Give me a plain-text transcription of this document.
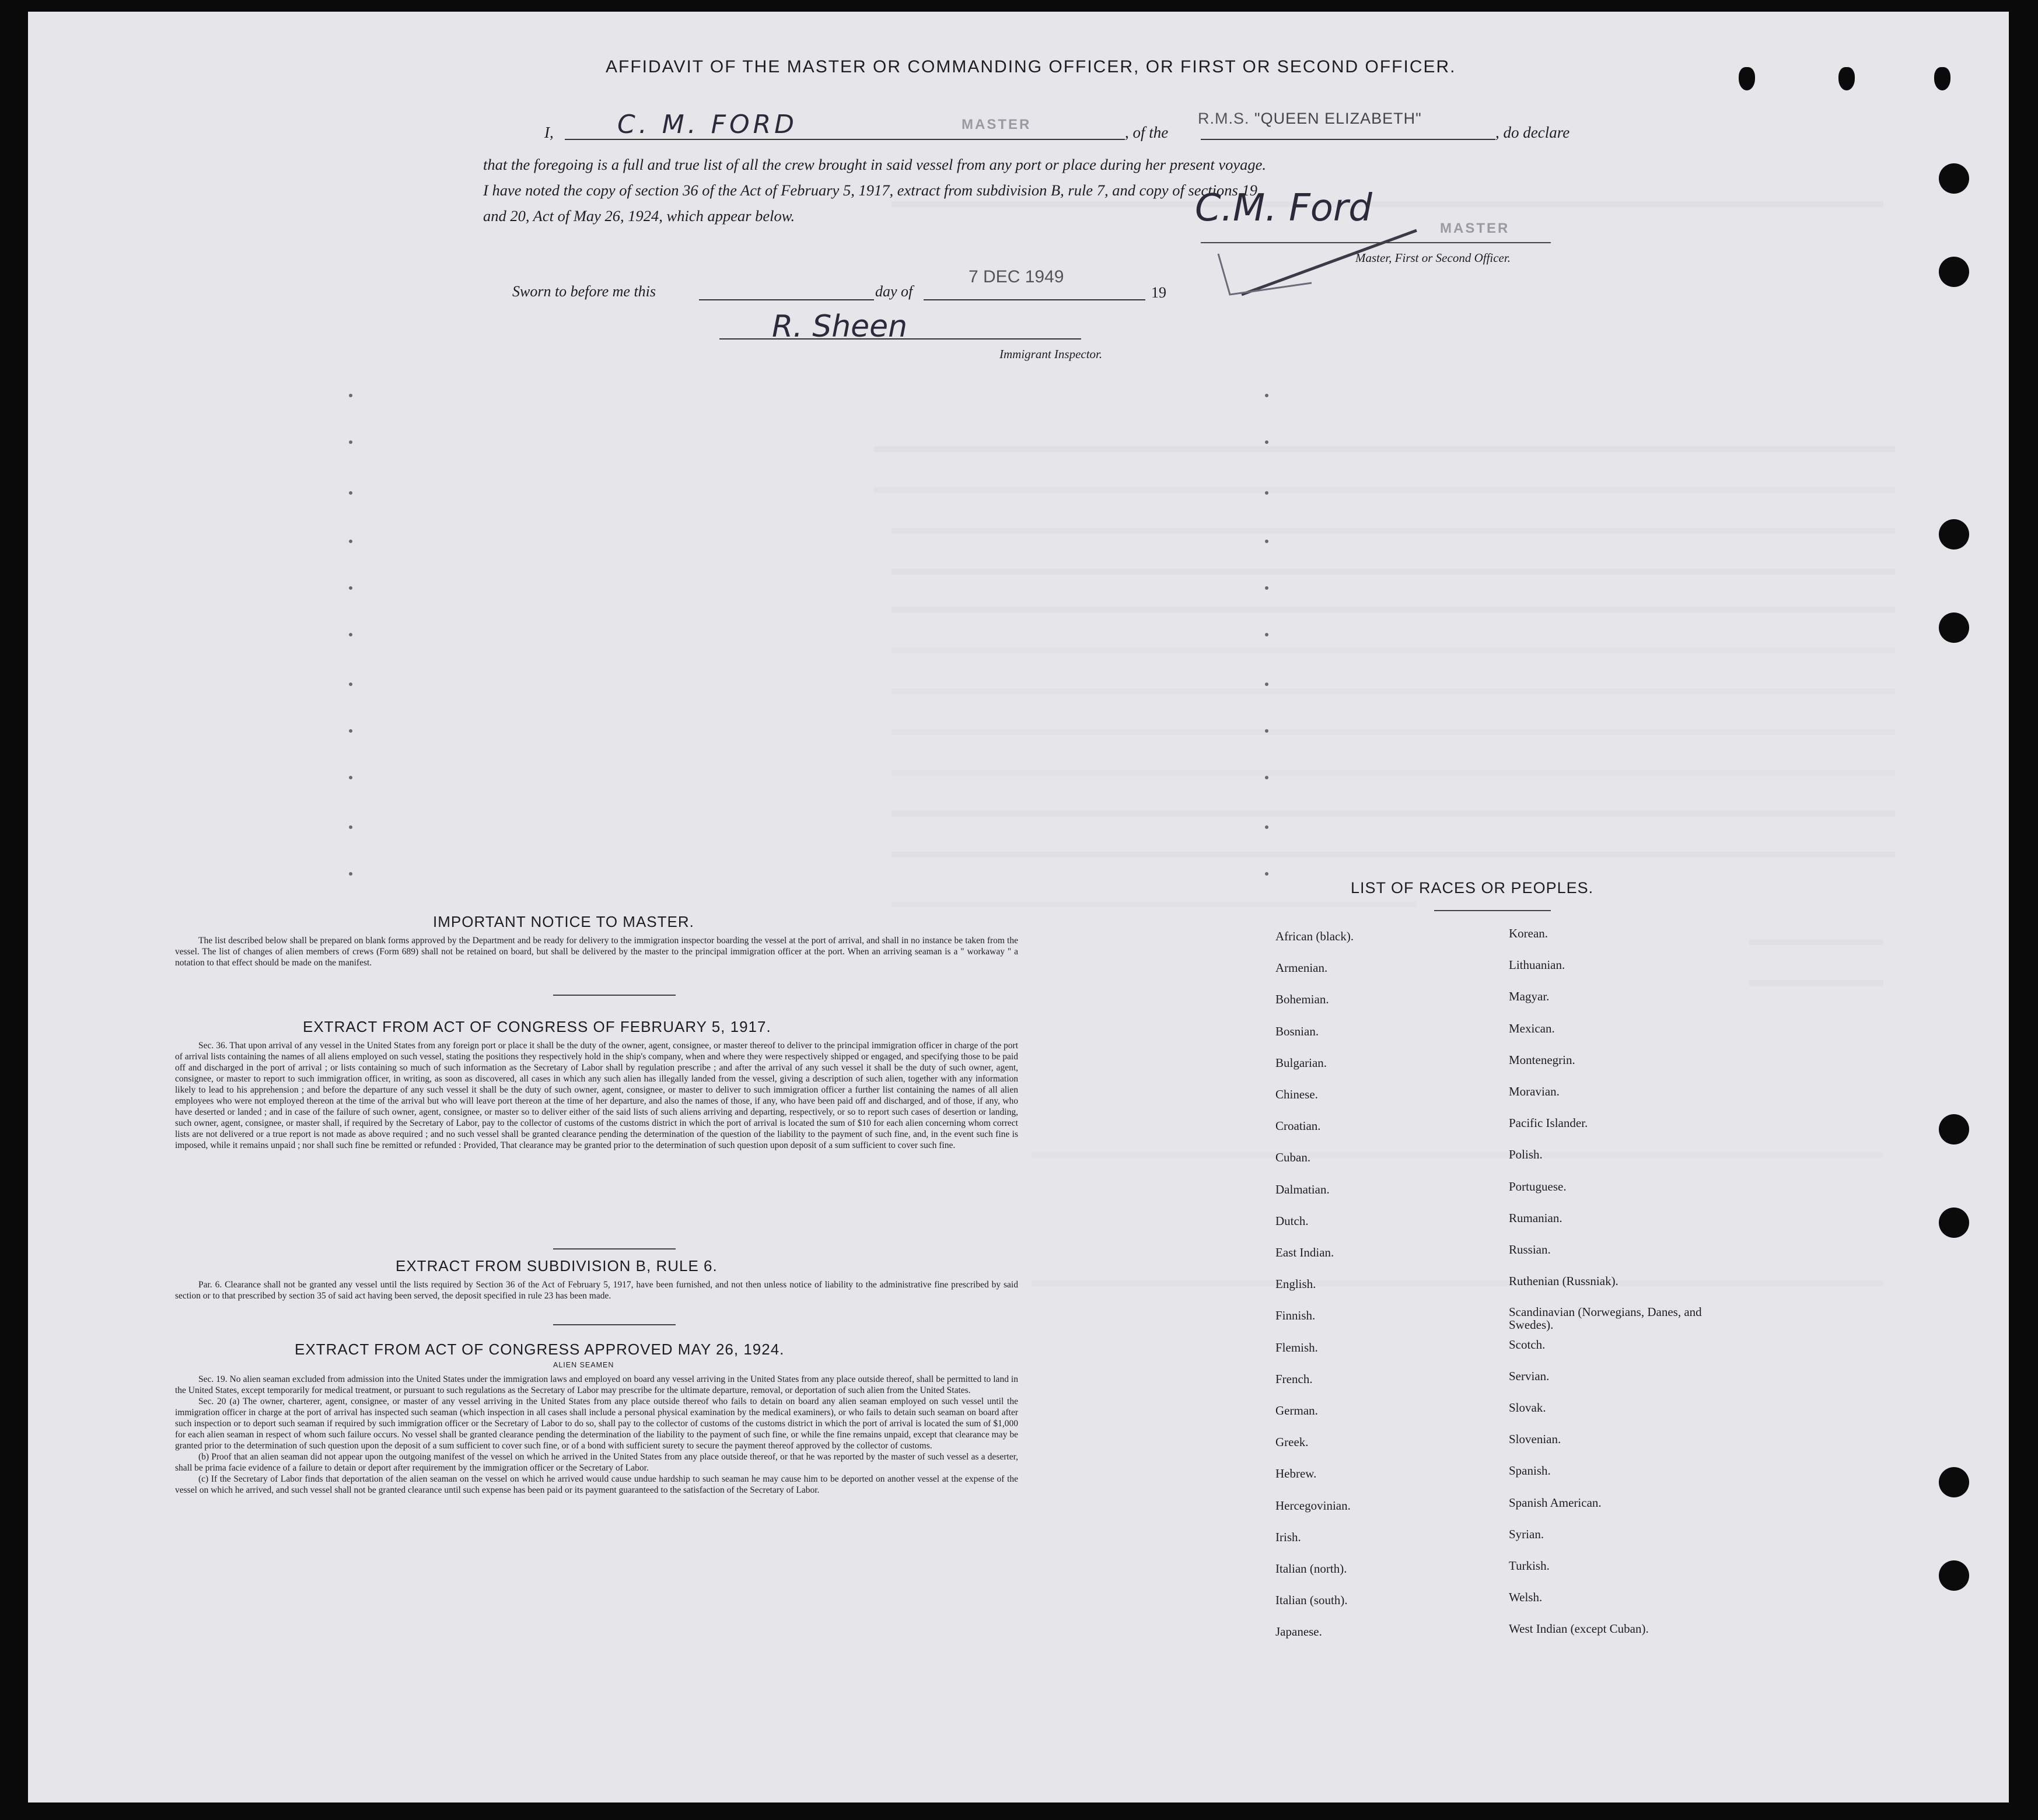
AFFIDAVIT OF THE MASTER OR COMMANDING OFFICER, OR FIRST OR SECOND OFFICER.
I, C. M. FORD	MASTER	, of the
R.M.S. "QUEEN ELIZABETH"
, do declare
that the foregoing is a full and true list of all the crew brought in said vessel from any port or place during her present voyage.
I have noted the copy of section 36 of the Act of February 5, 1917, extract from subdivision B, rule 7, and copy of sections 19
and 20, Act of May 26, 1924, which appear below.	C.M. Ford	MASTER
Master, First or Second Officer.
Sworn to before me this	day of
7 DEC 1949
19
R. Sheen
Immigrant Inspector.
IMPORTANT NOTICE TO MASTER.

The list described below shall be prepared on blank forms approved by the Department and be ready for delivery to the immigration inspector boarding the vessel at the port of arrival, and shall in no instance be taken from the vessel. The list of changes of alien members of crews (Form 689) shall not be retained on board, but shall be delivered by the master to the principal immigration officer at the port. When an arriving seaman is a " workaway " a notation to that effect should be made on the manifest.

EXTRACT FROM ACT OF CONGRESS OF FEBRUARY 5, 1917.

Sec. 36. That upon arrival of any vessel in the United States from any foreign port or place it shall be the duty of the owner, agent, consignee, or master thereof to deliver to the principal immigration officer in charge of the port of arrival lists containing the names of all aliens employed on such vessel, stating the positions they respectively hold in the ship's company, when and where they were respectively shipped or engaged, and specifying those to be paid off and discharged in the port of arrival ; or lists containing so much of such information as the Secretary of Labor shall by regulation prescribe ; and after the arrival of any such vessel it shall be the duty of such owner, agent, consignee, or master to report to such immigration officer, in writing, as soon as discovered, all cases in which any such alien has illegally landed from the vessel, giving a description of such alien, together with any information likely to lead to his apprehension ; and before the departure of any such vessel it shall be the duty of such owner, agent, consignee, or master to deliver to such immigration officer a further list containing the names of all alien employees who were not employed thereon at the time of the arrival but who will leave port thereon at the time of her departure, and also the names of those, if any, who have been paid off and discharged, and of those, if any, who have deserted or landed ; and in case of the failure of such owner, agent, consignee, or master so to deliver either of the said lists of such aliens arriving and departing, respectively, or so to report such cases of desertion or landing, such owner, agent, consignee, or master shall, if required by the Secretary of Labor, pay to the collector of customs of the customs district in which the port of arrival is located the sum of $10 for each alien concerning whom correct lists are not delivered or a true report is not made as above required ; and no such vessel shall be granted clearance pending the determination of the question of the liability to the payment of such fine, and, in the event such fine is imposed, while it remains unpaid ; nor shall such fine be remitted or refunded : Provided, That clearance may be granted prior to the determination of such question upon deposit of a sum sufficient to cover such fine.

EXTRACT FROM SUBDIVISION B, RULE 6.

Par. 6. Clearance shall not be granted any vessel until the lists required by Section 36 of the Act of February 5, 1917, have been furnished, and not then unless notice of liability to the administrative fine prescribed by said section or to that prescribed by section 35 of said act having been served, the deposit specified in rule 23 has been made.

EXTRACT FROM ACT OF CONGRESS APPROVED MAY 26, 1924.
ALIEN SEAMEN

Sec. 19. No alien seaman excluded from admission into the United States under the immigration laws and employed on board any vessel arriving in the United States from any place outside thereof, shall be permitted to land in the United States, except temporarily for medical treatment, or pursuant to such regulations as the Secretary of Labor may prescribe for the ultimate departure, removal, or deportation of such alien from the United States.

Sec. 20 (a) The owner, charterer, agent, consignee, or master of any vessel arriving in the United States from any place outside thereof who fails to detain on board any alien seaman employed on such vessel until the immigration officer in charge at the port of arrival has inspected such seaman (which inspection in all cases shall include a personal physical examination by the medical examiners), or who fails to detain such seaman on board after such inspection or to deport such seaman if required by such immigration officer or the Secretary of Labor to do so, shall pay to the collector of customs of the customs district in which the port of arrival is located the sum of $1,000 for each alien seaman in respect of whom such failure occurs. No vessel shall be granted clearance pending the determination of the liability to the payment of such fine, or while the fine remains unpaid, except that clearance may be granted prior to the determination of such question upon the deposit of a sum sufficient to cover such fine, or of a bond with sufficient surety to secure the payment thereof approved by the collector of customs.

(b) Proof that an alien seaman did not appear upon the outgoing manifest of the vessel on which he arrived in the United States from any place outside thereof, or that he was reported by the master of such vessel as a deserter, shall be prima facie evidence of a failure to detain or deport after requirement by the immigration officer or the Secretary of Labor.

(c) If the Secretary of Labor finds that deportation of the alien seaman on the vessel on which he arrived would cause undue hardship to such seaman he may cause him to be deported on another vessel at the expense of the vessel on which he arrived, and such vessel shall not be granted clearance until such expense has been paid or its payment guaranteed to the satisfaction of the Secretary of Labor.

LIST OF RACES OR PEOPLES.
African (black).
Armenian.
Bohemian.
Bosnian.
Bulgarian.
Chinese.
Croatian.
Cuban.
Dalmatian.
Dutch.
East Indian.
English.
Finnish.
Flemish.
French.
German.
Greek.
Hebrew.
Hercegovinian.
Irish.
Italian (north).
Italian (south).
Japanese.
Korean.
Lithuanian.
Magyar.
Mexican.
Montenegrin.
Moravian.
Pacific Islander.
Polish.
Portuguese.
Rumanian.
Russian.
Ruthenian (Russniak).
Scandinavian (Norwegians, Danes, and Swedes).
Scotch.
Servian.
Slovak.
Slovenian.
Spanish.
Spanish American.
Syrian.
Turkish.
Welsh.
West Indian (except Cuban).
